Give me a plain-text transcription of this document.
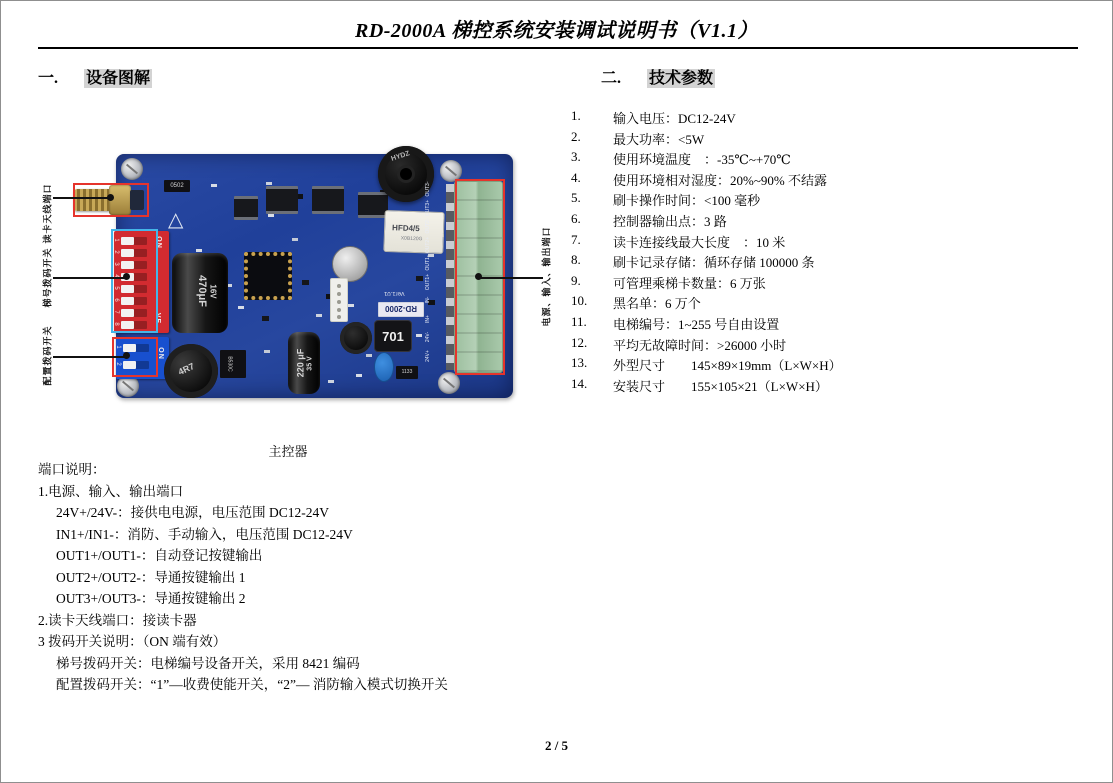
RD-2000A 梯控系统安装调试说明书（V1.1）
一. 设备图解	二. 技术参数
1.	输入电压：DC12-24V
2.	最大功率：<5W
3.	使用环境温度　：-35℃~+70℃
4.	使用环境相对湿度：20%~90% 不结露
5.	刷卡操作时间：<100 毫秒
6.	控制器输出点：3 路
7.	读卡连接线最大长度　：10 米
8.	刷卡记录存储：循环存储 100000 条
9.	可管理乘梯卡数量：6 万张
10.	黑名单：6 万个
11.	电梯编号：1~255 号自由设置
12.	平均无故障时间：>26000 小时
13.	外型尺寸　　145×89×19mm（L×W×H）
14.	安装尺寸　　155×105×21（L×W×H）
0502
△
HYDZ
HFD4/5
X0B120G
1
2
3
4
5
6
7
8
ON
VE
470μF 16V
1
2
ON
4R7	B530C
Ver1.01
RD-2000
701
220 μF 35 V
1133
OUT3-
OUT3+
OUT2-
OUT2+
OUT1-
OUT1+
IN-
IN+
24V-
24V+
读卡天线端口
梯号拨码开关
配置拨码开关
电源、输入、输出端口
主控器
端口说明：
1.电源、输入、输出端口
24V+/24V-：接供电电源，电压范围 DC12-24V
IN1+/IN1-：消防、手动输入，电压范围 DC12-24V
OUT1+/OUT1-：自动登记按键输出
OUT2+/OUT2-：导通按键输出 1
OUT3+/OUT3-：导通按键输出 2
2.读卡天线端口：接读卡器
3 拨码开关说明：（ON 端有效）
梯号拨码开关：电梯编号设备开关，采用 8421 编码
配置拨码开关：“1”—收费使能开关，“2”— 消防输入模式切换开关
2 / 5
